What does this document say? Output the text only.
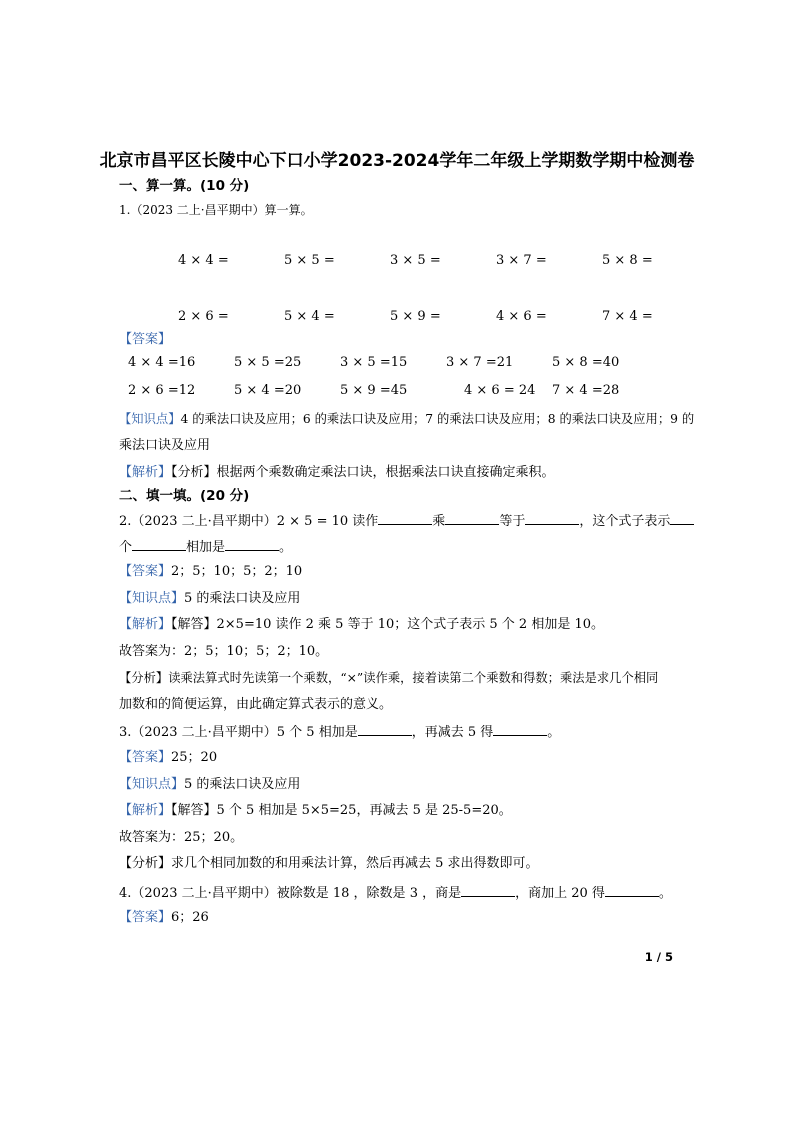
北京市昌平区长陵中心下口小学2023-2024学年二年级上学期数学期中检测卷
一、算一算。(10 分)
1.（2023 二上·昌平期中）算一算。
4 × 4 =	5 × 5 =	3 × 5 =	3 × 7 =	5 × 8 =
2 × 6 =	5 × 4 =	5 × 9 =	4 × 6 =	7 × 4 =
【答案】
4 × 4 =16	5 × 5 =25	3 × 5 =15	3 × 7 =21	5 × 8 =40
2 × 6 =12	5 × 4 =20	5 × 9 =45	4 × 6 = 24 7 × 4 =28
【知识点】4 的乘法口诀及应用；6 的乘法口诀及应用；7 的乘法口诀及应用；8 的乘法口诀及应用；9 的
乘法口诀及应用
【解析】【分析】根据两个乘数确定乘法口诀，根据乘法口诀直接确定乘积。
二、填一填。(20 分)
2.（2023 二上·昌平期中）2 × 5 = 10 读作	乘	等于	，这个式子表示
个	相加是	。
【答案】2；5；10；5；2；10
【知识点】5 的乘法口诀及应用
【解析】【解答】2×5=10 读作 2 乘 5 等于 10；这个式子表示 5 个 2 相加是 10。
故答案为：2；5；10；5；2；10。
【分析】读乘法算式时先读第一个乘数，“×”读作乘，接着读第二个乘数和得数；乘法是求几个相同
加数和的简便运算，由此确定算式表示的意义。
3.（2023 二上·昌平期中）5 个 5 相加是	，再减去 5 得	。
【答案】25；20
【知识点】5 的乘法口诀及应用
【解析】【解答】5 个 5 相加是 5×5=25，再减去 5 是 25-5=20。
故答案为：25；20。
【分析】求几个相同加数的和用乘法计算，然后再减去 5 求出得数即可。
4.（2023 二上·昌平期中）被除数是 18 ，除数是 3 ，商是	，商加上 20 得	。
【答案】6；26
1 / 5
